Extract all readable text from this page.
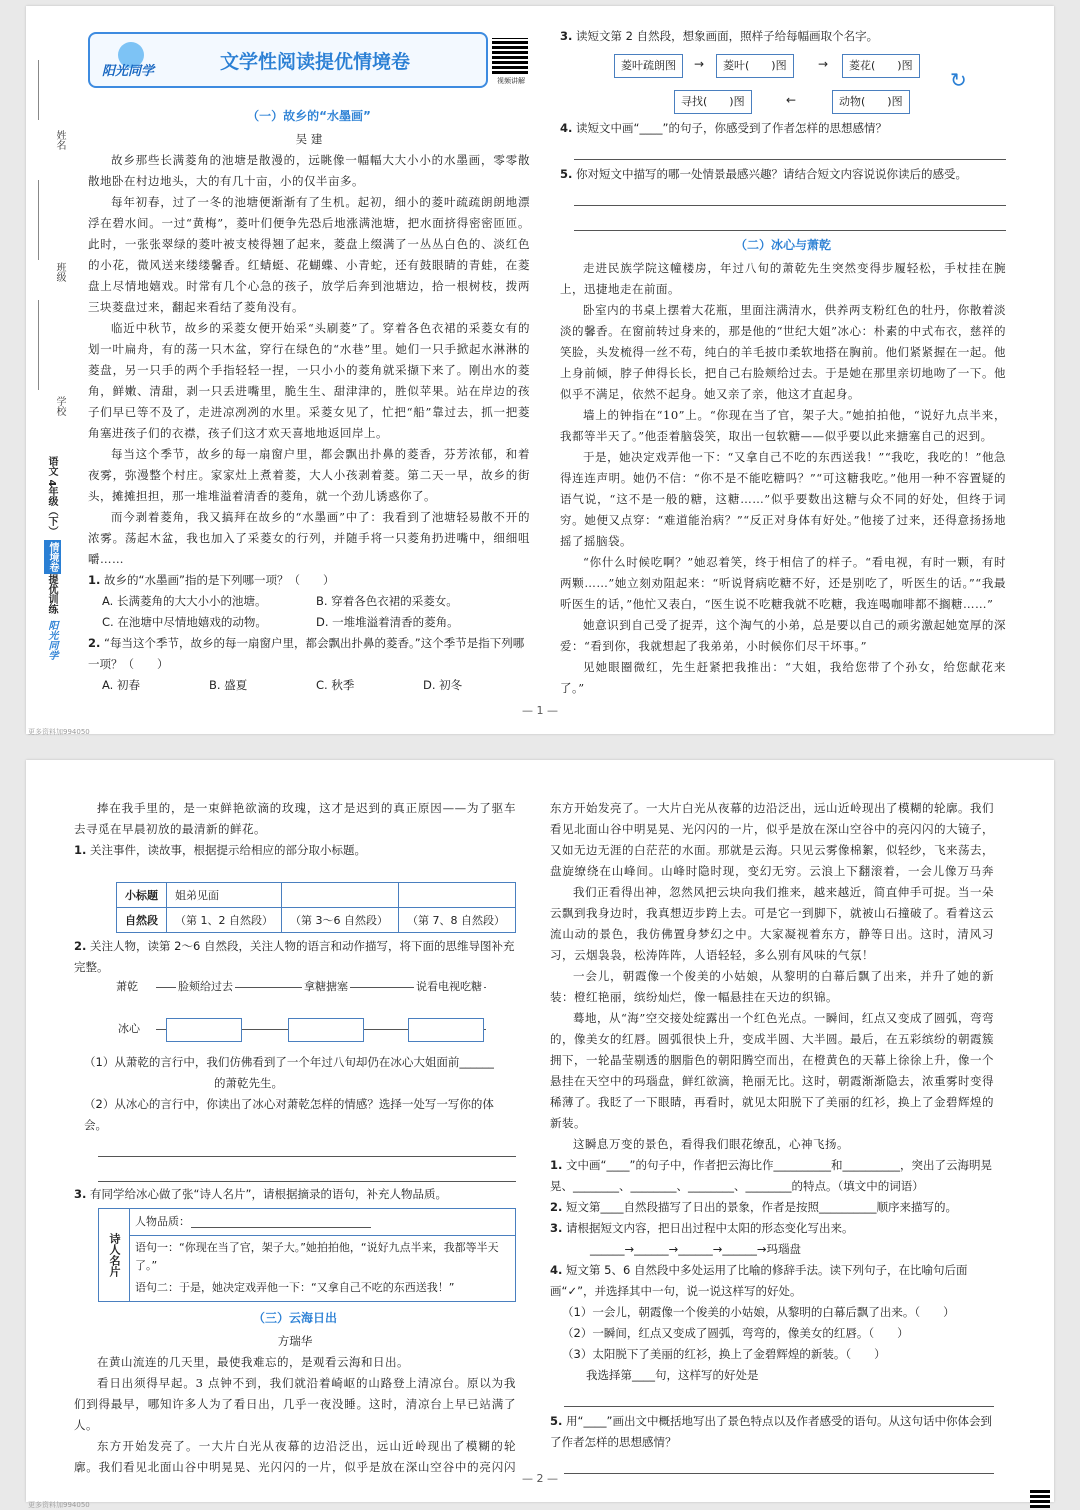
姓名
班级
学校
语文 4年级（下）
情境卷
提优训练
阳光同学
阳光同学	文学性阅读提优情境卷
视频讲解
（一）故乡的“水墨画”
吴 建

故乡那些长满菱角的池塘是散漫的，远眺像一幅幅大大小小的水墨画，零零散散地卧在村边地头，大的有几十亩，小的仅半亩多。

每年初春，过了一冬的池塘便渐渐有了生机。起初，细小的菱叶疏疏朗朗地漂浮在碧水间。一过“黄梅”，菱叶们便争先恐后地涨满池塘，把水面挤得密密匝匝。此时，一张张翠绿的菱叶被支棱得翘了起来，菱盘上缀满了一丛丛白色的、淡红色的小花，微风送来缕缕馨香。红蜻蜓、花蝴蝶、小青蛇，还有鼓眼睛的青蛙，在菱盘上尽情地嬉戏。时常有几个心急的孩子，放学后奔到池塘边，拾一根树枝，拨两三块菱盘过来，翻起来看结了菱角没有。

临近中秋节，故乡的采菱女便开始采“头刷菱”了。穿着各色衣裙的采菱女有的划一叶扁舟，有的荡一只木盆，穿行在绿色的“水巷”里。她们一只手掀起水淋淋的菱盘，另一只手的两个手指轻轻一捏，一只小小的菱角就采撷下来了。刚出水的菱角，鲜嫩、清甜，剥一只丢进嘴里，脆生生、甜津津的，胜似苹果。站在岸边的孩子们早已等不及了，走进凉冽冽的水里。采菱女见了，忙把“船”靠过去，抓一把菱角塞进孩子们的衣襟，孩子们这才欢天喜地地返回岸上。

每当这个季节，故乡的每一扇窗户里，都会飘出扑鼻的菱香，芬芳浓郁，和着夜雾，弥漫整个村庄。家家灶上煮着菱，大人小孩剥着菱。第二天一早，故乡的街头，摊摊担担，那一堆堆溢着清香的菱角，就一个劲儿诱惑你了。

而今剥着菱角，我又搞拜在故乡的“水墨画”中了：我看到了池塘轻易散不开的浓雾。荡起木盆，我也加入了采菱女的行列，并随手将一只菱角扔进嘴中，细细咀嚼……

1. 故乡的“水墨画”指的是下列哪一项？（　　）
A. 长满菱角的大大小小的池塘。	B. 穿着各色衣裙的采菱女。
C. 在池塘中尽情地嬉戏的动物。	D. 一堆堆溢着清香的菱角。
2. “每当这个季节，故乡的每一扇窗户里，都会飘出扑鼻的菱香。”这个季节是指下列哪一项？（　　）
A. 初春	B. 盛夏	C. 秋季	D. 初冬
3. 读短文第 2 自然段，想象画面，照样子给每幅画取个名字。
菱叶疏朗图	→	菱叶(　　)图	→	菱花(　　)图
↻
寻找(　　)图	←	动物(　　)图
4. 读短文中画“____”的句子，你感受到了作者怎样的思想感情？
5. 你对短文中描写的哪一处情景最感兴趣？请结合短文内容说说你读后的感受。
（二）冰心与萧乾

走进民族学院这幢楼房，年过八旬的萧乾先生突然变得步履轻松，手杖挂在腕上，迅捷地走在前面。

卧室内的书桌上摆着大花瓶，里面注满清水，供养两支粉红色的牡丹，你散着淡淡的馨香。在窗前转过身来的，那是他的“世纪大姐”冰心：朴素的中式布衣，慈祥的笑脸，头发梳得一丝不苟，纯白的羊毛披巾柔软地搭在胸前。他们紧紧握在一起。他上身前倾，脖子伸得长长，把自己右脸颊给过去。于是她在那里亲切地吻了一下。他似乎不满足，依然不起身。她又亲了亲，他这才直起身。

墙上的钟指在“10”上。“你现在当了官，架子大。”她拍拍他，“说好九点半来，我都等半天了。”他歪着脑袋笑，取出一包软糖——似乎要以此来搪塞自己的迟到。

于是，她决定戏弄他一下：“又拿自己不吃的东西送我！”“我吃，我吃的！”他急得连连声明。她仍不信：“你不是不能吃糖吗？”“可这糖我吃。”他用一种不容置疑的语气说，“这不是一般的糖，这糖……”似乎要数出这糖与众不同的好处，但终于词穷。她便又点穿：“难道能治病？”“反正对身体有好处。”他接了过来，还得意扬扬地摇了摇脑袋。

“你什么时候吃啊？”她忍着笑，终于相信了的样子。“看电视，有时一颗，有时两颗……”她立刻劝阻起来：“听说肾病吃糖不好，还是别吃了，听医生的话。”“我最听医生的话，”他忙又表白，“医生说不吃糖我就不吃糖，我连喝咖啡都不搁糖……”

她意识到自己受了捉弄，这个淘气的小弟，总是要以自己的顽劣激起她宽厚的深爱：“看到你，我就想起了我弟弟，小时候你们尽干坏事。”

见她眼圈微红，先生赶紧把我推出：“大姐，我给您带了个孙女，给您献花来了。”

— 1 —
更多资料加994050

捧在我手里的，是一束鲜艳欲滴的玫瑰，这才是迟到的真正原因——为了驱车去寻觅在早晨初放的最清新的鲜花。

1. 关注事件，读故事，根据提示给相应的部分取小标题。
小标题	姐弟见面		
自然段	（第 1、2 自然段）	（第 3～6 自然段）	（第 7、8 自然段）
2. 关注人物，读第 2～6 自然段，关注人物的语言和动作描写，将下面的思维导图补充完整。
萧乾	脸颊给过去	拿糖搪塞	说看电视吃糖
冰心
（1）从萧乾的言行中，我们仿佛看到了一个年过八旬却仍在冰心大姐面前______
的萧乾先生。
（2）从冰心的言行中，你读出了冰心对萧乾怎样的情感？选择一处写一写你的体会。
3. 有同学给冰心做了张“诗人名片”，请根据摘录的语句，补充人物品质。
诗人名片
人物品质：
语句一：“你现在当了官，架子大。”她拍拍他，“说好九点半来，我都等半天了。”
语句二：于是，她决定戏弄他一下：“又拿自己不吃的东西送我！”
（三）云海日出
方瑞华

在黄山流连的几天里，最使我难忘的，是观看云海和日出。

看日出须得早起。3 点钟不到，我们就沿着崎岖的山路登上清凉台。原以为我们到得最早，哪知许多人为了看日出，几乎一夜没睡。这时，清凉台上早已站满了人。

东方开始发亮了。一大片白光从夜幕的边沿泛出，远山近岭现出了模糊的轮廓。我们看见北面山谷中明晃晃、光闪闪的一片，似乎是放在深山空谷中的亮闪闪

东方开始发亮了。一大片白光从夜幕的边沿泛出，远山近岭现出了模糊的轮廓。我们看见北面山谷中明晃晃、光闪闪的一片，似乎是放在深山空谷中的亮闪闪的大镜子，又如无边无涯的白茫茫的水面。那就是云海。只见云雾像棉絮，似轻纱，飞来荡去，盘旋缭绕在山峰间。山峰时隐时现，变幻无穷。云浪上下翻滚着，一会儿像万马奔

我们正看得出神，忽然风把云块向我们推来，越来越近，简直伸手可捉。当一朵云飘到我身边时，我真想迈步跨上去。可是它一到脚下，就被山石撞破了。看着这云流山动的景色，我仿佛置身梦幻之中。大家凝视着东方，静等日出。这时，清风习习，云烟袅袅，松涛阵阵，人语轻轻，多么别有风味的气氛！

一会儿，朝霞像一个俊美的小姑娘，从黎明的白幕后飘了出来，并升了她的新装：橙红艳丽，缤纷灿烂，像一幅悬挂在天边的织锦。

蓦地，从“海”空交接处绽露出一个红色光点。一瞬间，红点又变成了圆弧，弯弯的，像美女的红唇。圆弧很快上升，变成半圆、大半圆。最后，在五彩缤纷的朝霞簇拥下，一轮晶莹剔透的胭脂色的朝阳腾空而出，在橙黄色的天幕上徐徐上升，像一个悬挂在天空中的玛瑙盘，鲜红欲滴，艳丽无比。这时，朝霞渐渐隐去，浓重雾时变得稀薄了。我眨了一下眼睛，再看时，就见太阳脱下了美丽的红衫，换上了金碧辉煌的新装。

这瞬息万变的景色，看得我们眼花缭乱，心神飞扬。

1. 文中画“____”的句子中，作者把云海比作__________和__________，突出了云海明晃晃、________、________、________、________的特点。（填文中的词语）
2. 短文第____自然段描写了日出的景象，作者是按照__________顺序来描写的。
3. 请根据短文内容，把日出过程中太阳的形态变化写出来。
______→______→______→______→玛瑙盘
4. 短文第 5、6 自然段中多处运用了比喻的修辞手法。读下列句子，在比喻句后面画“✓”，并选择其中一句，说一说这样写的好处。
（1）一会儿，朝霞像一个俊美的小姑娘，从黎明的白幕后飘了出来。（　　）
（2）一瞬间，红点又变成了圆弧，弯弯的，像美女的红唇。（　　）
（3）太阳脱下了美丽的红衫，换上了金碧辉煌的新装。（　　）
我选择第____句，这样写的好处是
5. 用“____”画出文中概括地写出了景色特点以及作者感受的语句。从这句话中你体会到了作者怎样的思想感情？
— 2 —
更多资料加994050
